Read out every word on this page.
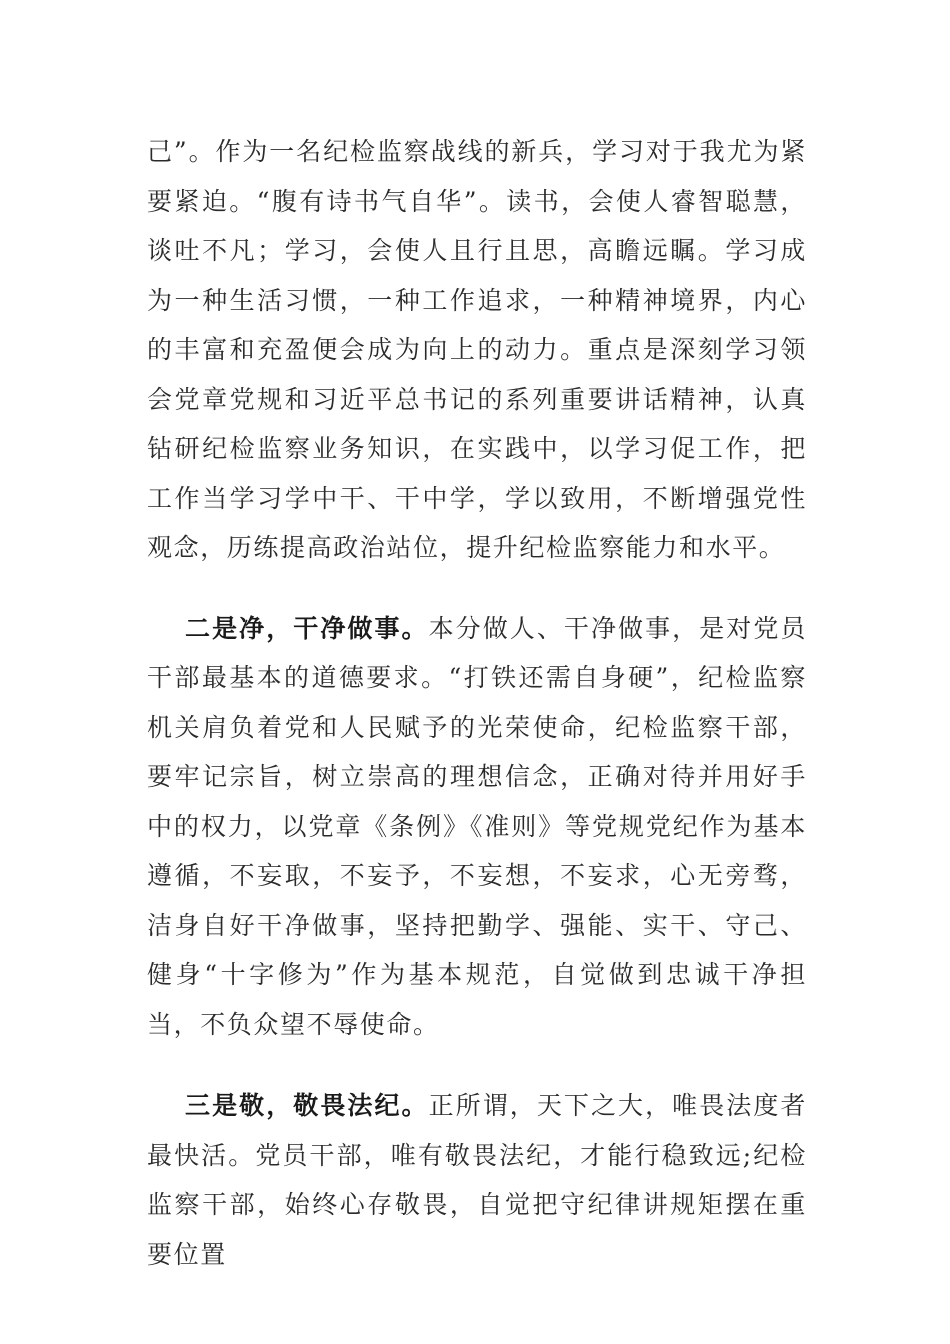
己”。作为一名纪检监察战线的新兵，学习对于我尤为紧要紧迫。“腹有诗书气自华”。读书，会使人睿智聪慧，谈吐不凡；学习，会使人且行且思，高瞻远瞩。学习成为一种生活习惯，一种工作追求，一种精神境界，内心的丰富和充盈便会成为向上的动力。重点是深刻学习领会党章党规和习近平总书记的系列重要讲话精神，认真钻研纪检监察业务知识，在实践中，以学习促工作，把工作当学习学中干、干中学，学以致用，不断增强党性观念，历练提高政治站位，提升纪检监察能力和水平。

二是净，干净做事。本分做人、干净做事，是对党员干部最基本的道德要求。“打铁还需自身硬”，纪检监察机关肩负着党和人民赋予的光荣使命，纪检监察干部， 要牢记宗旨，树立崇高的理想信念，正确对待并用好手中的权力，以党章《条例》《准则》等党规党纪作为基本遵循，不妄取，不妄予，不妄想，不妄求，心无旁骛，洁身自好干净做事，坚持把勤学、强能、实干、守己、健身“十字修为”作为基本规范，自觉做到忠诚干净担当，不负众望不辱使命。

三是敬，敬畏法纪。正所谓，天下之大，唯畏法度者最快活。党员干部，唯有敬畏法纪，才能行稳致远;纪检监察干部，始终心存敬畏，自觉把守纪律讲规矩摆在重要位置
